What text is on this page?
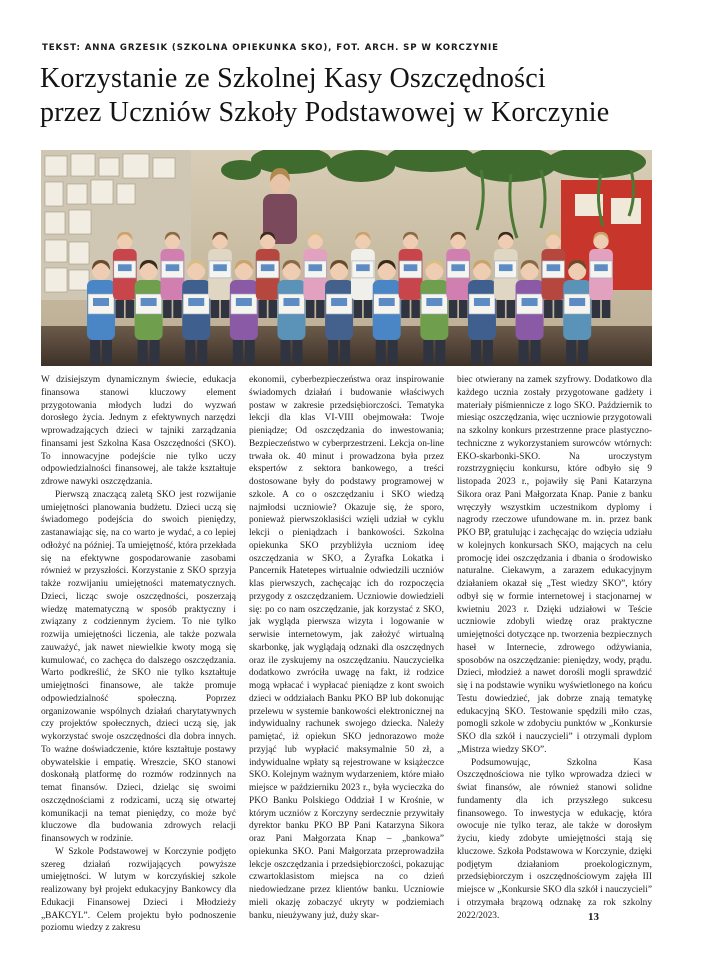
TEKST: ANNA GRZESIK (SZKOLNA OPIEKUNKA SKO), FOT. ARCH. SP W KORCZYNIE
Korzystanie ze Szkolnej Kasy Oszczędności
przez Uczniów Szkoły Podstawowej w Korczynie

W dzisiejszym dynamicznym świecie, edukacja finansowa stanowi kluczowy element przygotowania młodych ludzi do wyzwań dorosłego życia. Jednym z efektywnych narzędzi wprowadzających dzieci w tajniki zarządzania finansami jest Szkolna Kasa Oszczędności (SKO). To innowacyjne podejście nie tylko uczy odpowiedzialności finansowej, ale także kształtuje zdrowe nawyki oszczędzania.

Pierwszą znaczącą zaletą SKO jest rozwijanie umiejętności planowania budżetu. Dzieci uczą się świadomego podejścia do swoich pieniędzy, zastanawiając się, na co warto je wydać, a co lepiej odłożyć na później. Ta umiejętność, która przekłada się na efektywne gospodarowanie zasobami również w przyszłości. Korzystanie z SKO sprzyja także rozwijaniu umiejętności matematycznych. Dzieci, licząc swoje oszczędności, poszerzają wiedzę matematyczną w sposób praktyczny i związany z codziennym życiem. To nie tylko rozwija umiejętności liczenia, ale także pozwala zauważyć, jak nawet niewielkie kwoty mogą się kumulować, co zachęca do dalszego oszczędzania. Warto podkreślić, że SKO nie tylko kształtuje umiejętności finansowe, ale także promuje odpowiedzialność społeczną. Poprzez organizowanie wspólnych działań charytatywnych czy projektów społecznych, dzieci uczą się, jak wykorzystać swoje oszczędności dla dobra innych. To ważne doświadczenie, które kształtuje postawy obywatelskie i empatię. Wreszcie, SKO stanowi doskonałą platformę do rozmów rodzinnych na temat finansów. Dzieci, dzieląc się swoimi oszczędnościami z rodzicami, uczą się otwartej komunikacji na temat pieniędzy, co może być kluczowe dla budowania zdrowych relacji finansowych w rodzinie.

W Szkole Podstawowej w Korczynie podjęto szereg działań rozwijających powyższe umiejętności. W lutym w korczyńskiej szkole realizowany był projekt edukacyjny Bankowcy dla Edukacji Finansowej Dzieci i Młodzieży „BAKCYL”. Celem projektu było podnoszenie poziomu wiedzy z zakresu

ekonomii, cyberbezpieczeństwa oraz inspirowanie świadomych działań i budowanie właściwych postaw w zakresie przedsiębiorczości. Tematyka lekcji dla klas VI-VIII obejmowała: Twoje pieniądze; Od oszczędzania do inwestowania; Bezpieczeństwo w cyberprzestrzeni. Lekcja on-line trwała ok. 40 minut i prowadzona była przez ekspertów z sektora bankowego, a treści dostosowane były do podstawy programowej w szkole. A co o oszczędzaniu i SKO wiedzą najmłodsi uczniowie? Okazuje się, że sporo, ponieważ pierwszoklasiści wzięli udział w cyklu lekcji o pieniądzach i bankowości. Szkolna opiekunka SKO przybliżyła uczniom ideę oszczędzania w SKO, a Żyrafka Lokatka i Pancernik Hatetepes wirtualnie odwiedzili uczniów klas pierwszych, zachęcając ich do rozpoczęcia przygody z oszczędzaniem. Uczniowie dowiedzieli się: po co nam oszczędzanie, jak korzystać z SKO, jak wygląda pierwsza wizyta i logowanie w serwisie internetowym, jak założyć wirtualną skarbonkę, jak wyglądają odznaki dla oszczędnych oraz ile zyskujemy na oszczędzaniu. Nauczycielka dodatkowo zwróciła uwagę na fakt, iż rodzice mogą wpłacać i wypłacać pieniądze z kont swoich dzieci w oddziałach Banku PKO BP lub dokonując przelewu w systemie bankowości elektronicznej na indywidualny rachunek swojego dziecka. Należy pamiętać, iż opiekun SKO jednorazowo może przyjąć lub wypłacić maksymalnie 50 zł, a indywidualne wpłaty są rejestrowane w książeczce SKO. Kolejnym ważnym wydarzeniem, które miało miejsce w październiku 2023 r., była wycieczka do PKO Banku Polskiego Oddział I w Krośnie, w którym uczniów z Korczyny serdecznie przywitały dyrektor banku PKO BP Pani Katarzyna Sikora oraz Pani Małgorzata Knap – „bankowa” opiekunka SKO. Pani Małgorzata przeprowadziła lekcje oszczędzania i przedsiębiorczości, pokazując czwartoklasistom miejsca na co dzień niedowiedzane przez klientów banku. Uczniowie mieli okazję zobaczyć ukryty w podziemiach banku, nieużywany już, duży skar-

biec otwierany na zamek szyfrowy. Dodatkowo dla każdego ucznia zostały przygotowane gadżety i materiały piśmiennicze z logo SKO. Październik to miesiąc oszczędzania, więc uczniowie przygotowali na szkolny konkurs przestrzenne prace plastyczno-techniczne z wykorzystaniem surowców wtórnych: EKO-skarbonki-SKO. Na uroczystym rozstrzygnięciu konkursu, które odbyło się 9 listopada 2023 r., pojawiły się Pani Katarzyna Sikora oraz Pani Małgorzata Knap. Panie z banku wręczyły wszystkim uczestnikom dyplomy i nagrody rzeczowe ufundowane m. in. przez bank PKO BP, gratulując i zachęcając do wzięcia udziału w kolejnych konkursach SKO, mających na celu promocję idei oszczędzania i dbania o środowisko naturalne. Ciekawym, a zarazem edukacyjnym działaniem okazał się „Test wiedzy SKO”, który odbył się w formie internetowej i stacjonarnej w kwietniu 2023 r. Dzięki udziałowi w Teście uczniowie zdobyli wiedzę oraz praktyczne umiejętności dotyczące np. tworzenia bezpiecznych haseł w Internecie, zdrowego odżywiania, sposobów na oszczędzanie: pieniędzy, wody, prądu. Dzieci, młodzież a nawet dorośli mogli sprawdzić się i na podstawie wyniku wyświetlonego na końcu Testu dowiedzieć, jak dobrze znają tematykę edukacyjną SKO. Testowanie spędzili miło czas, pomogli szkole w zdobyciu punktów w „Konkursie SKO dla szkół i nauczycieli” i otrzymali dyplom „Mistrza wiedzy SKO”.

Podsumowując, Szkolna Kasa Oszczędnościowa nie tylko wprowadza dzieci w świat finansów, ale również stanowi solidne fundamenty dla ich przyszłego sukcesu finansowego. To inwestycja w edukację, która owocuje nie tylko teraz, ale także w dorosłym życiu, kiedy zdobyte umiejętności stają się kluczowe. Szkoła Podstawowa w Korczynie, dzięki podjętym działaniom proekologicznym, przedsiębiorczym i oszczędnościowym zajęła III miejsce w „Konkursie SKO dla szkół i nauczycieli” i otrzymała brązową odznakę za rok szkolny 2022/2023.	13
